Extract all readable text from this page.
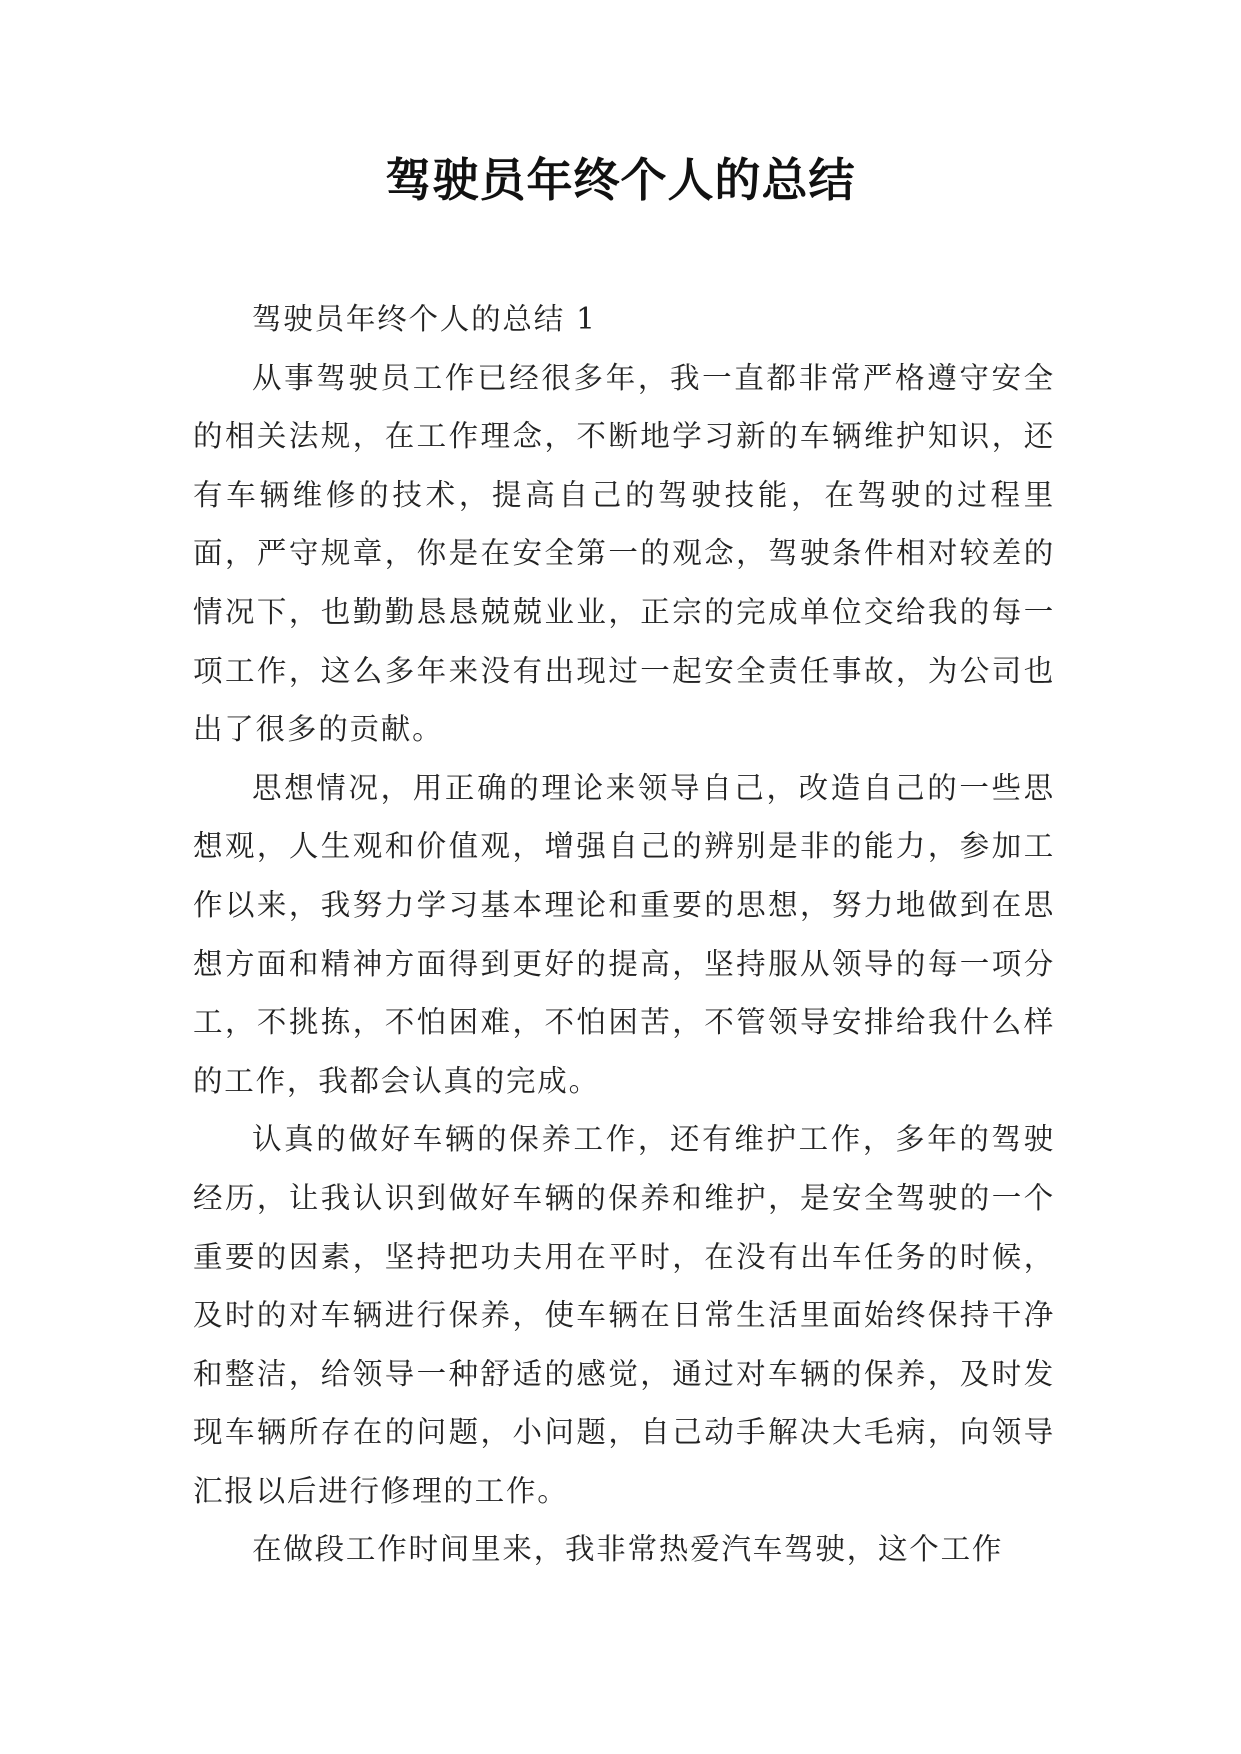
驾驶员年终个人的总结

驾驶员年终个人的总结 1

从事驾驶员工作已经很多年，我一直都非常严格遵守安全的相关法规，在工作理念，不断地学习新的车辆维护知识，还有车辆维修的技术，提高自己的驾驶技能，在驾驶的过程里面，严守规章，你是在安全第一的观念，驾驶条件相对较差的情况下，也勤勤恳恳兢兢业业，正宗的完成单位交给我的每一项工作，这么多年来没有出现过一起安全责任事故，为公司也出了很多的贡献。

思想情况，用正确的理论来领导自己，改造自己的一些思想观，人生观和价值观，增强自己的辨别是非的能力，参加工作以来，我努力学习基本理论和重要的思想，努力地做到在思想方面和精神方面得到更好的提高，坚持服从领导的每一项分工，不挑拣，不怕困难，不怕困苦，不管领导安排给我什么样的工作，我都会认真的完成。

认真的做好车辆的保养工作，还有维护工作，多年的驾驶经历，让我认识到做好车辆的保养和维护，是安全驾驶的一个重要的因素，坚持把功夫用在平时，在没有出车任务的时候，及时的对车辆进行保养，使车辆在日常生活里面始终保持干净和整洁，给领导一种舒适的感觉，通过对车辆的保养，及时发现车辆所存在的问题，小问题，自己动手解决大毛病，向领导汇报以后进行修理的工作。

在做段工作时间里来，我非常热爱汽车驾驶，这个工作
